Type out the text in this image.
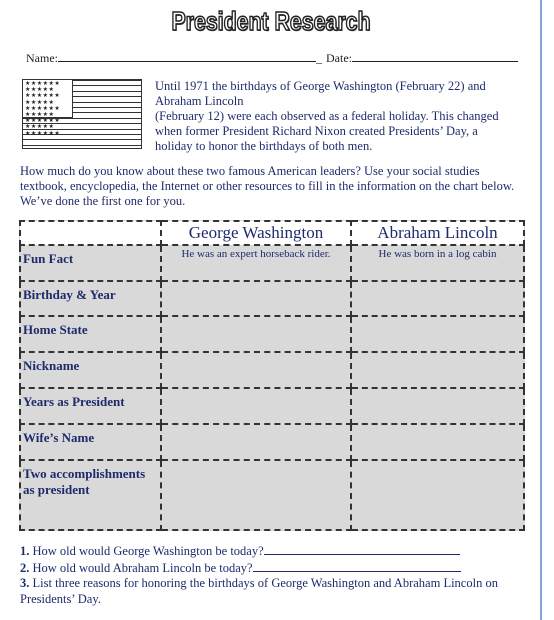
President Research
Name:	_ Date:
★★★★★★ ★★★★★ ★★★★★★ ★★★★★ ★★★★★★ ★★★★★ ★★★★★★ ★★★★★ ★★★★★★
Until 1971 the birthdays of George Washington (February 22) and
Abraham Lincoln
(February 12) were each observed as a federal holiday. This changed
when former President Richard Nixon created Presidents’ Day, a
holiday to honor the birthdays of both men.
How much do you know about these two famous American leaders? Use your social studies textbook, encyclopedia, the Internet or other resources to fill in the information on the chart below. We’ve done the first one for you.
	George Washington	Abraham Lincoln
Fun Fact	He was an expert horseback rider.	He was born in a log cabin
Birthday & Year		
Home State		
Nickname		
Years as President		
Wife’s Name		
Two accomplishments as president		
1. How old would George Washington be today?
2. How old would Abraham Lincoln be today?
3. List three reasons for honoring the birthdays of George Washington and Abraham Lincoln on Presidents’ Day.
